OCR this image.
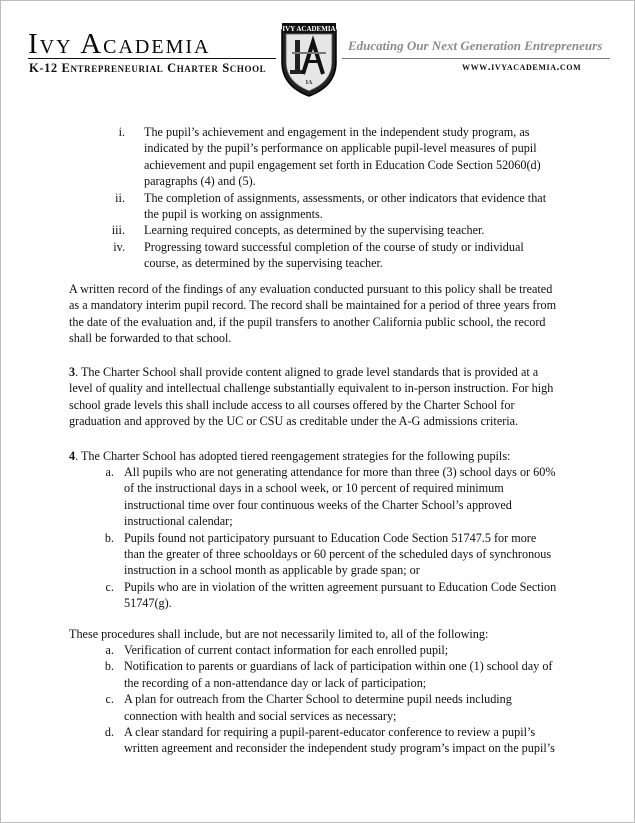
Ivy Academia
K-12 Entrepreneurial Charter School
Educating Our Next Generation Entrepreneurs
www.ivyacademia.com
IVY ACADEMIA
IA
i. The pupil’s achievement and engagement in the independent study program, as
indicated by the pupil’s performance on applicable pupil-level measures of pupil
achievement and pupil engagement set forth in Education Code Section 52060(d)
paragraphs (4) and (5).
ii. The completion of assignments, assessments, or other indicators that evidence that
the pupil is working on assignments.
iii. Learning required concepts, as determined by the supervising teacher.
iv. Progressing toward successful completion of the course of study or individual
course, as determined by the supervising teacher.
A written record of the findings of any evaluation conducted pursuant to this policy shall be treated
as a mandatory interim pupil record. The record shall be maintained for a period of three years from
the date of the evaluation and, if the pupil transfers to another California public school, the record
shall be forwarded to that school.
3. The Charter School shall provide content aligned to grade level standards that is provided at a
level of quality and intellectual challenge substantially equivalent to in-person instruction. For high
school grade levels this shall include access to all courses offered by the Charter School for
graduation and approved by the UC or CSU as creditable under the A-G admissions criteria.
4. The Charter School has adopted tiered reengagement strategies for the following pupils:
a. All pupils who are not generating attendance for more than three (3) school days or 60%
of the instructional days in a school week, or 10 percent of required minimum
instructional time over four continuous weeks of the Charter School’s approved
instructional calendar;
b. Pupils found not participatory pursuant to Education Code Section 51747.5 for more
than the greater of three schooldays or 60 percent of the scheduled days of synchronous
instruction in a school month as applicable by grade span; or
c. Pupils who are in violation of the written agreement pursuant to Education Code Section
51747(g).
These procedures shall include, but are not necessarily limited to, all of the following:
a. Verification of current contact information for each enrolled pupil;
b. Notification to parents or guardians of lack of participation within one (1) school day of
the recording of a non-attendance day or lack of participation;
c. A plan for outreach from the Charter School to determine pupil needs including
connection with health and social services as necessary;
d. A clear standard for requiring a pupil-parent-educator conference to review a pupil’s
written agreement and reconsider the independent study program’s impact on the pupil’s
